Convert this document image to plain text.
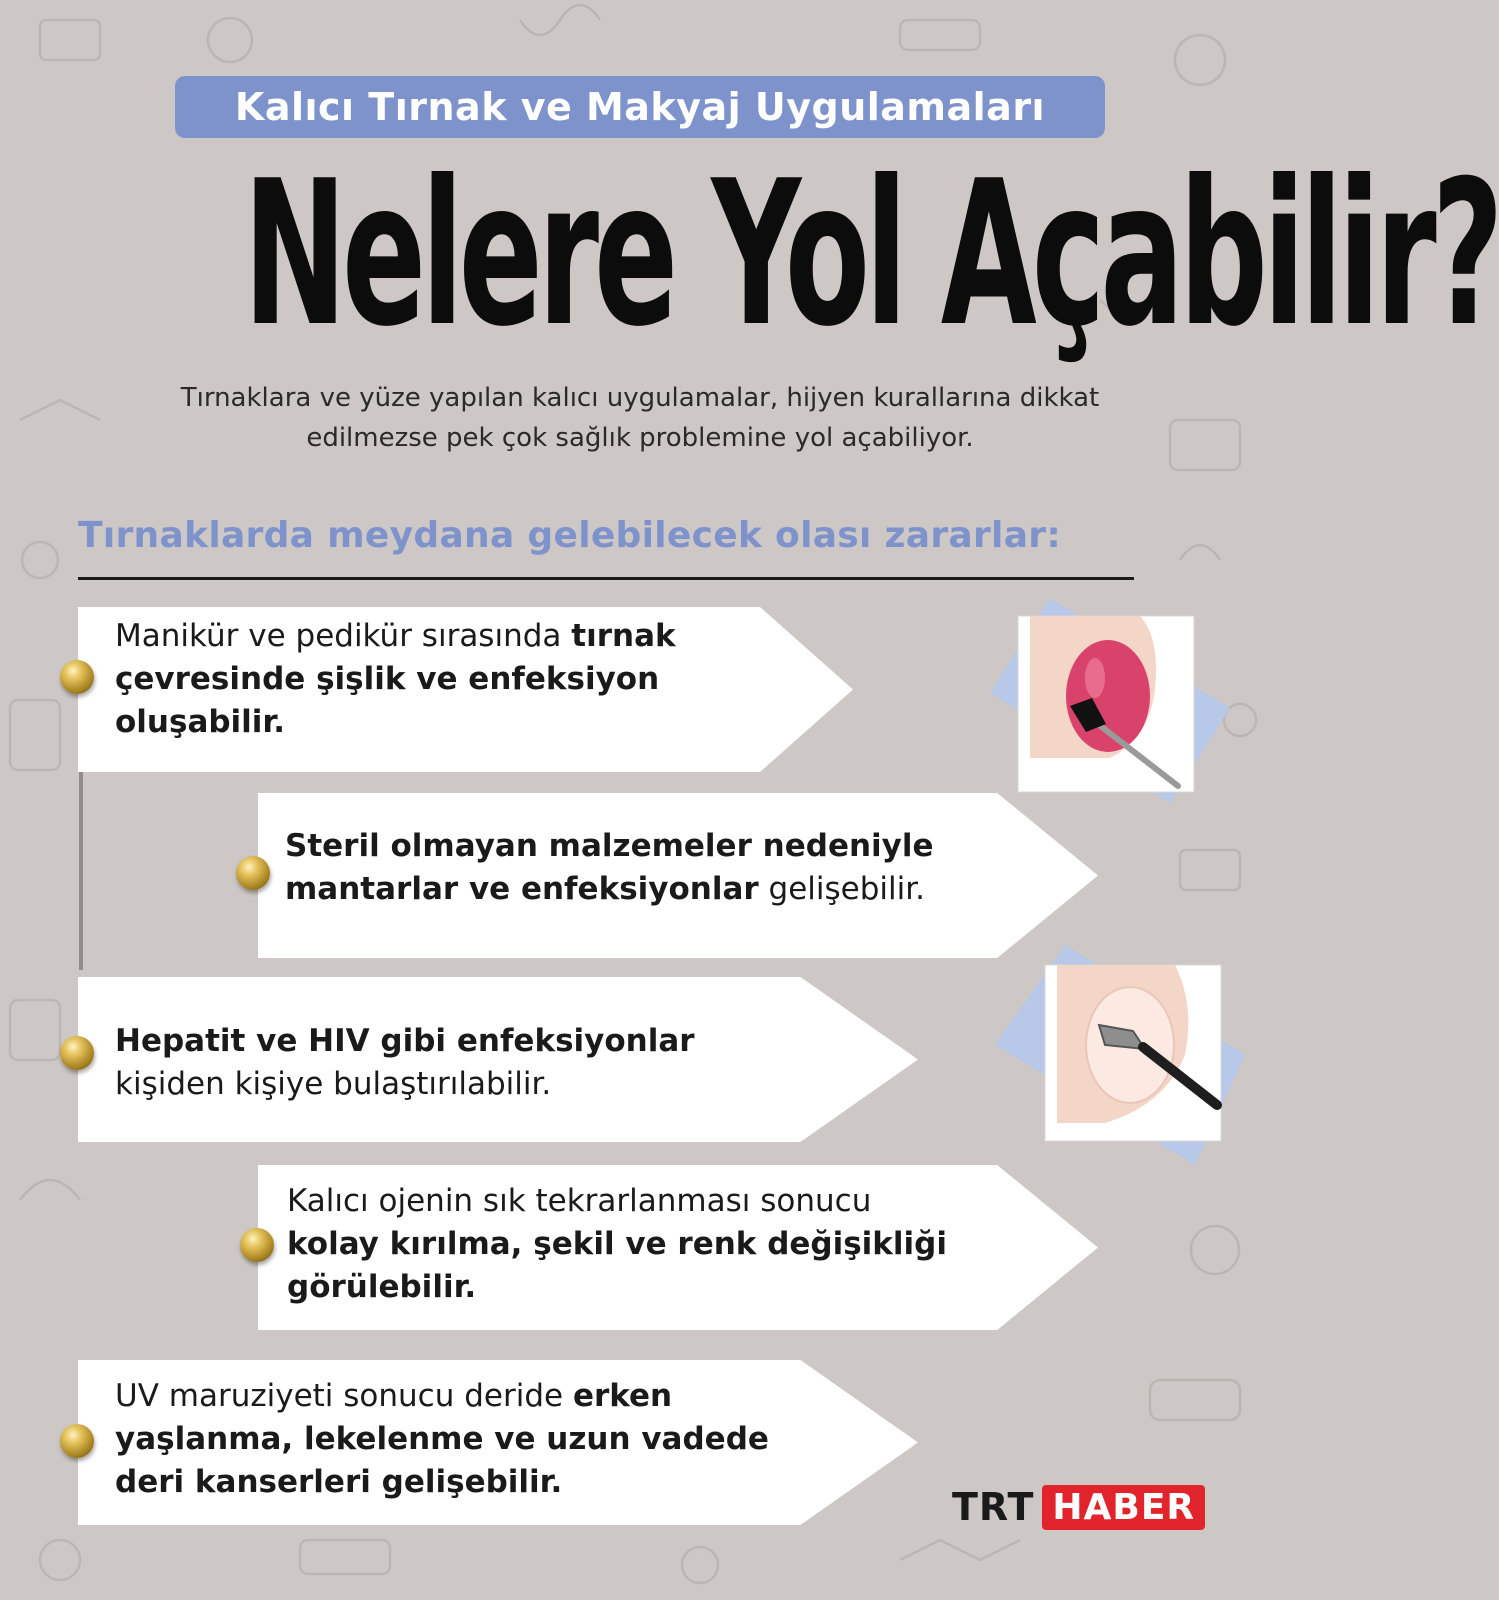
Kalıcı Tırnak ve Makyaj Uygulamaları
Nelere Yol Açabilir?
Tırnaklara ve yüze yapılan kalıcı uygulamalar, hijyen kurallarına dikkat
edilmezse pek çok sağlık problemine yol açabiliyor.
Tırnaklarda meydana gelebilecek olası zararlar:
Manikür ve pedikür sırasında tırnak
çevresinde şişlik ve enfeksiyon
oluşabilir.
Steril olmayan malzemeler nedeniyle
mantarlar ve enfeksiyonlar gelişebilir.
Hepatit ve HIV gibi enfeksiyonlar
kişiden kişiye bulaştırılabilir.
Kalıcı ojenin sık tekrarlanması sonucu
kolay kırılma, şekil ve renk değişikliği
görülebilir.
UV maruziyeti sonucu deride erken
yaşlanma, lekelenme ve uzun vadede
deri kanserleri gelişebilir.
TRT HABER
